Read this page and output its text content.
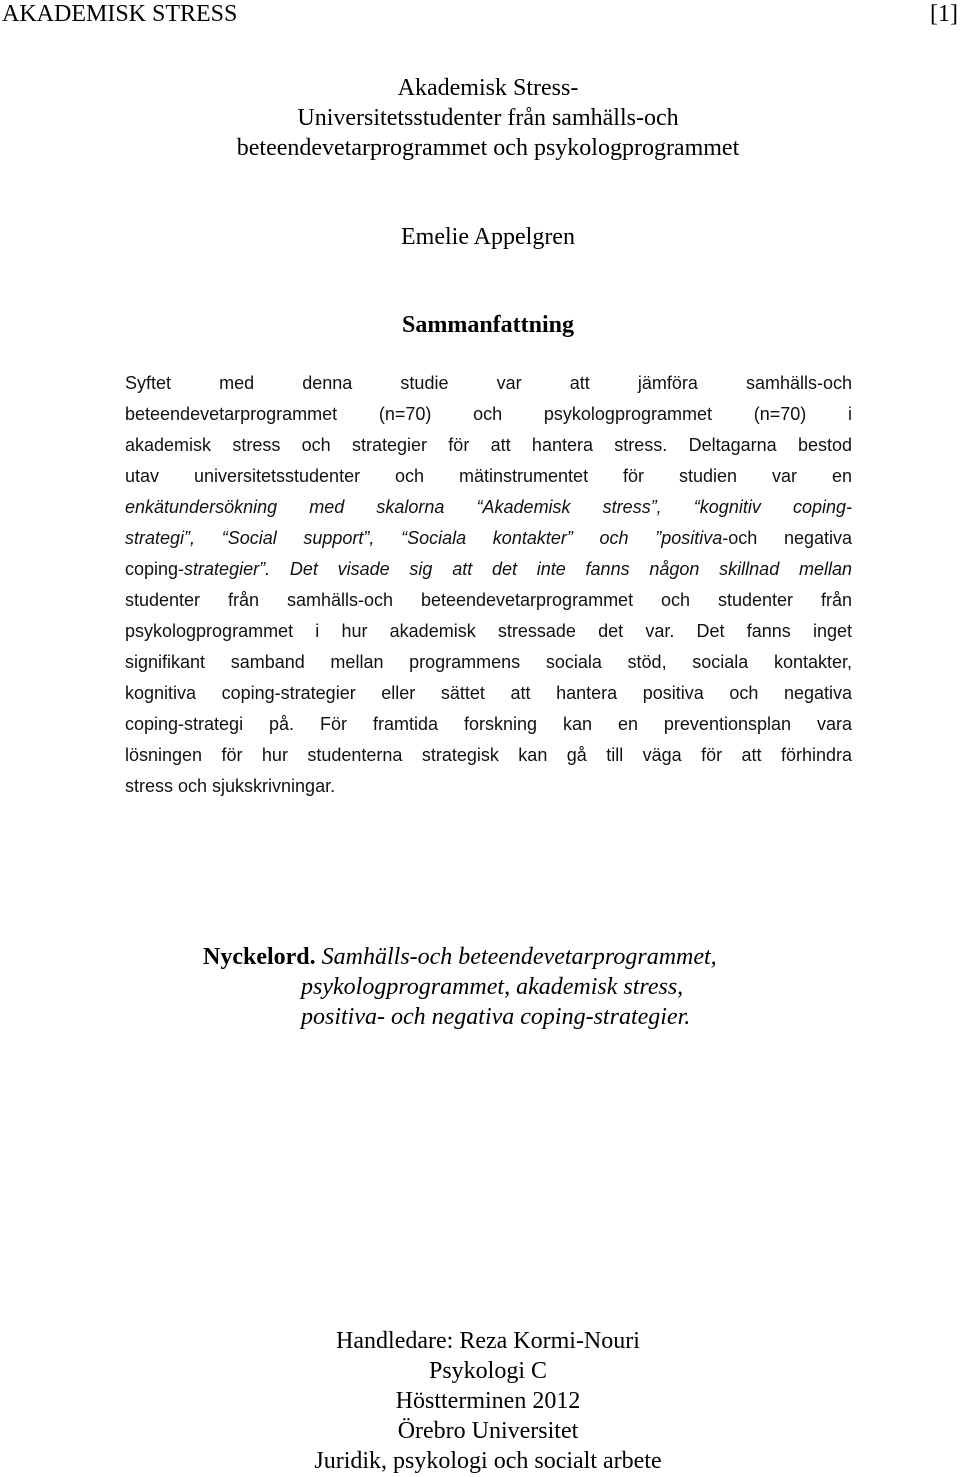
AKADEMISK STRESS	[1]
Akademisk Stress-
Universitetsstudenter från samhälls-och
beteendevetarprogrammet och psykologprogrammet
Emelie Appelgren
Sammanfattning
Syftet med denna studie var att jämföra samhälls-och
beteendevetarprogrammet (n=70) och psykologprogrammet (n=70) i
akademisk stress och strategier för att hantera stress. Deltagarna bestod
utav universitetsstudenter och mätinstrumentet för studien var en
enkätundersökning med skalorna “Akademisk stress”, “kognitiv coping-
strategi”, “Social support”, “Sociala kontakter” och ”positiva-och negativa
coping-strategier”. Det visade sig att det inte fanns någon skillnad mellan
studenter från samhälls-och beteendevetarprogrammet och studenter från
psykologprogrammet i hur akademisk stressade det var. Det fanns inget
signifikant samband mellan programmens sociala stöd, sociala kontakter,
kognitiva coping-strategier eller sättet att hantera positiva och negativa
coping-strategi på. För framtida forskning kan en preventionsplan vara
lösningen för hur studenterna strategisk kan gå till väga för att förhindra
stress och sjukskrivningar.
Nyckelord. Samhälls-och beteendevetarprogrammet,
psykologprogrammet, akademisk stress,
positiva- och negativa coping-strategier.
Handledare: Reza Kormi-Nouri
Psykologi C
Höstterminen 2012
Örebro Universitet
Juridik, psykologi och socialt arbete
